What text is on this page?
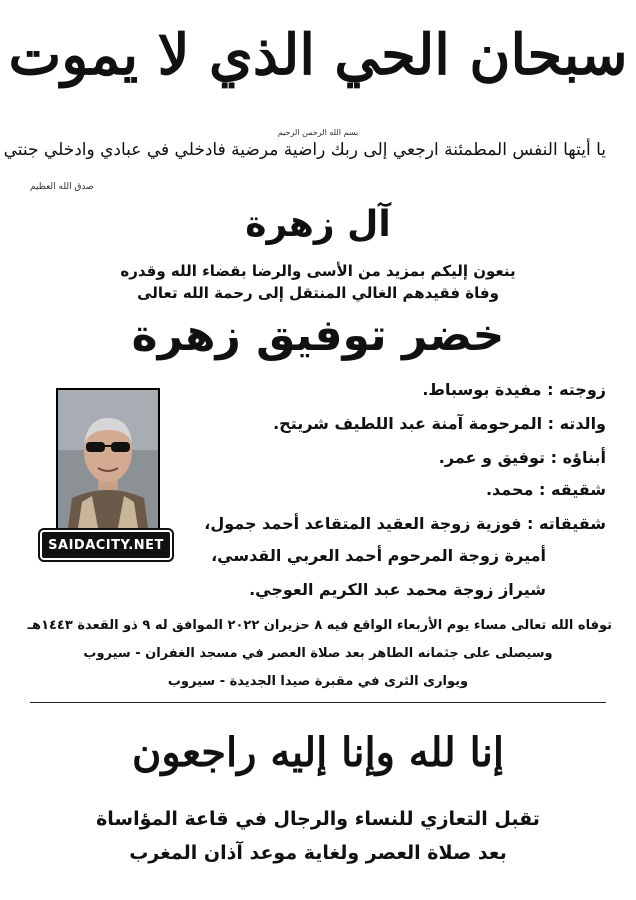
سبحان الحي الذي لا يموت
بسم الله الرحمن الرحيم
يا أيتها النفس المطمئنة ارجعي إلى ربك راضية مرضية فادخلي في عبادي وادخلي جنتي
صدق الله العظيم
آل زهرة
ينعون إليكم بمزيد من الأسى والرضا بقضاء الله وقدره
وفاة فقيدهم الغالي المنتقل إلى رحمة الله تعالى
خضر توفيق زهرة
SAIDACITY.NET
زوجته : مفيدة بوسباط.
والدته : المرحومة آمنة عبد اللطيف شريتح.
أبناؤه : توفيق و عمر.
شقيقه : محمد.
شقيقاته : فوزية زوجة العقيد المتقاعد أحمد جمول،
أميرة زوجة المرحوم أحمد العربي القدسي،
شيراز زوجة محمد عبد الكريم العوجي.
توفاه الله تعالى مساء يوم الأربعاء الواقع فيه ٨ حزيران ٢٠٢٢ الموافق له ٩ ذو القعدة ١٤٤٣هـ
وسيصلى على جثمانه الطاهر بعد صلاة العصر في مسجد الغفران - سيروب
ويوارى الثرى في مقبرة صيدا الجديدة - سيروب
إنا لله وإنا إليه راجعون
تقبل التعازي للنساء والرجال في قاعة المؤاساة
بعد صلاة العصر ولغاية موعد آذان المغرب
